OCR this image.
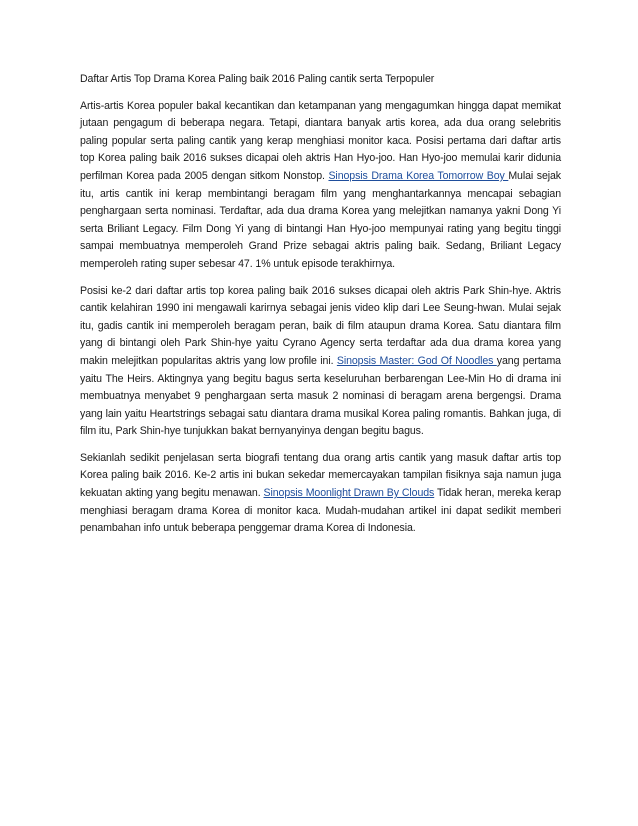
Daftar Artis Top Drama Korea Paling baik 2016 Paling cantik serta Terpopuler

Artis-artis Korea populer bakal kecantikan dan ketampanan yang mengagumkan hingga dapat memikat jutaan pengagum di beberapa negara. Tetapi, diantara banyak artis korea, ada dua orang selebritis paling popular serta paling cantik yang kerap menghiasi monitor kaca. Posisi pertama dari daftar artis top Korea paling baik 2016 sukses dicapai oleh aktris Han Hyo-joo. Han Hyo-joo memulai karir didunia perfilman Korea pada 2005 dengan sitkom Nonstop. Sinopsis Drama Korea Tomorrow Boy Mulai sejak itu, artis cantik ini kerap membintangi beragam film yang menghantarkannya mencapai sebagian penghargaan serta nominasi. Terdaftar, ada dua drama Korea yang melejitkan namanya yakni Dong Yi serta Briliant Legacy. Film Dong Yi yang di bintangi Han Hyo-joo mempunyai rating yang begitu tinggi sampai membuatnya memperoleh Grand Prize sebagai aktris paling baik. Sedang, Briliant Legacy memperoleh rating super sebesar 47. 1% untuk episode terakhirnya.

Posisi ke-2 dari daftar artis top korea paling baik 2016 sukses dicapai oleh aktris Park Shin-hye. Aktris cantik kelahiran 1990 ini mengawali karirnya sebagai jenis video klip dari Lee Seung-hwan. Mulai sejak itu, gadis cantik ini memperoleh beragam peran, baik di film ataupun drama Korea. Satu diantara film yang di bintangi oleh Park Shin-hye yaitu Cyrano Agency serta terdaftar ada dua drama korea yang makin melejitkan popularitas aktris yang low profile ini. Sinopsis Master: God Of Noodles yang pertama yaitu The Heirs. Aktingnya yang begitu bagus serta keseluruhan berbarengan Lee-Min Ho di drama ini membuatnya menyabet 9 penghargaan serta masuk 2 nominasi di beragam arena bergengsi. Drama yang lain yaitu Heartstrings sebagai satu diantara drama musikal Korea paling romantis. Bahkan juga, di film itu, Park Shin-hye tunjukkan bakat bernyanyinya dengan begitu bagus.

Sekianlah sedikit penjelasan serta biografi tentang dua orang artis cantik yang masuk daftar artis top Korea paling baik 2016. Ke-2 artis ini bukan sekedar memercayakan tampilan fisiknya saja namun juga kekuatan akting yang begitu menawan. Sinopsis Moonlight Drawn By Clouds Tidak heran, mereka kerap menghiasi beragam drama Korea di monitor kaca. Mudah-mudahan artikel ini dapat sedikit memberi penambahan info untuk beberapa penggemar drama Korea di Indonesia.
